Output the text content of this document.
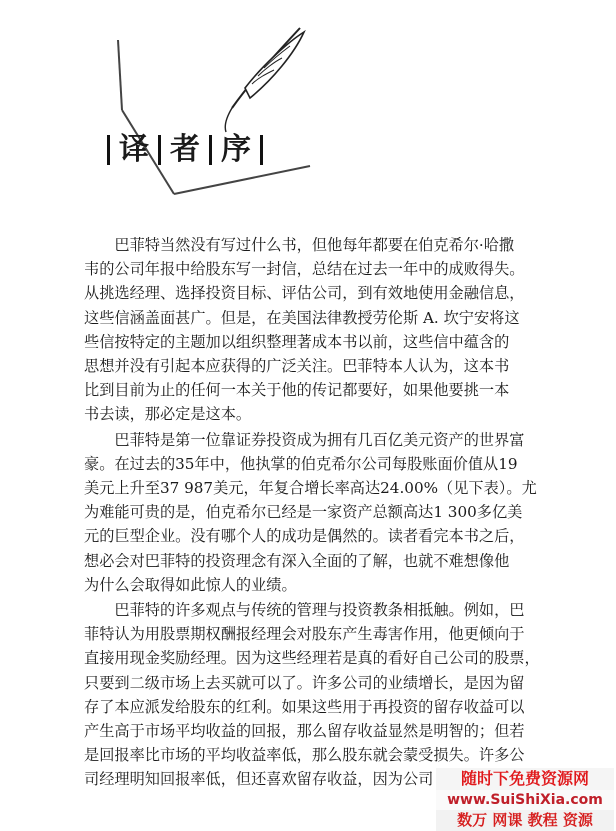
译 者 序

巴菲特当然没有写过什么书，但他每年都要在伯克希尔·哈撒
韦的公司年报中给股东写一封信，总结在过去一年中的成败得失。
从挑选经理、选择投资目标、评估公司，到有效地使用金融信息，
这些信涵盖面甚广。但是，在美国法律教授劳伦斯 A. 坎宁安将这
些信按特定的主题加以组织整理著成本书以前，这些信中蕴含的
思想并没有引起本应获得的广泛关注。巴菲特本人认为，这本书
比到目前为止的任何一本关于他的传记都要好，如果他要挑一本
书去读，那必定是这本。

巴菲特是第一位靠证券投资成为拥有几百亿美元资产的世界富
豪。在过去的35年中，他执掌的伯克希尔公司每股账面价值从19
美元上升至37 987美元，年复合增长率高达24.00%（见下表）。尤
为难能可贵的是，伯克希尔已经是一家资产总额高达1 300多亿美
元的巨型企业。没有哪个人的成功是偶然的。读者看完本书之后，
想必会对巴菲特的投资理念有深入全面的了解，也就不难想像他
为什么会取得如此惊人的业绩。

巴菲特的许多观点与传统的管理与投资教条相抵触。例如，巴
菲特认为用股票期权酬报经理会对股东产生毒害作用，他更倾向于
直接用现金奖励经理。因为这些经理若是真的看好自己公司的股票，
只要到二级市场上去买就可以了。许多公司的业绩增长，是因为留
存了本应派发给股东的红利。如果这些用于再投资的留存收益可以
产生高于市场平均收益的回报，那么留存收益显然是明智的；但若
是回报率比市场的平均收益率低，那么股东就会蒙受损失。许多公
司经理明知回报率低，但还喜欢留存收益，因为公司	随时下免费资源网
www.SuiShiXia.com
数万 网课 教程 资源
